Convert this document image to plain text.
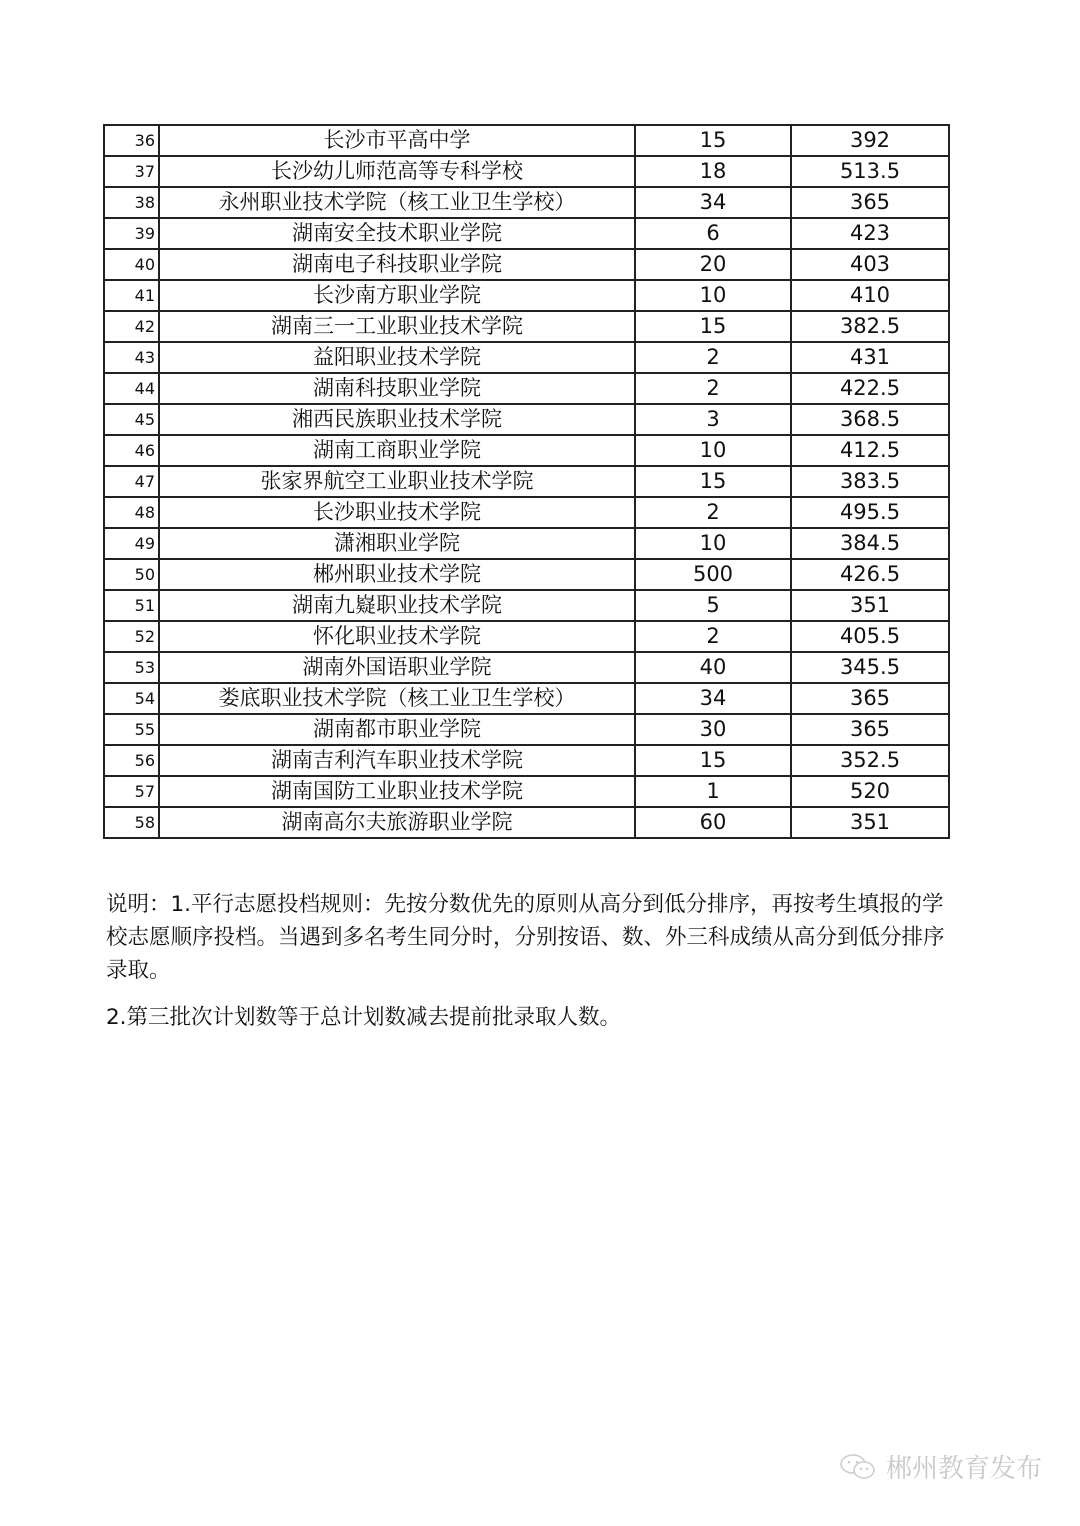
36	长沙市平高中学	15	392
37	长沙幼儿师范高等专科学校	18	513.5
38	永州职业技术学院（核工业卫生学校）	34	365
39	湖南安全技术职业学院	6	423
40	湖南电子科技职业学院	20	403
41	长沙南方职业学院	10	410
42	湖南三一工业职业技术学院	15	382.5
43	益阳职业技术学院	2	431
44	湖南科技职业学院	2	422.5
45	湘西民族职业技术学院	3	368.5
46	湖南工商职业学院	10	412.5
47	张家界航空工业职业技术学院	15	383.5
48	长沙职业技术学院	2	495.5
49	潇湘职业学院	10	384.5
50	郴州职业技术学院	500	426.5
51	湖南九嶷职业技术学院	5	351
52	怀化职业技术学院	2	405.5
53	湖南外国语职业学院	40	345.5
54	娄底职业技术学院（核工业卫生学校）	34	365
55	湖南都市职业学院	30	365
56	湖南吉利汽车职业技术学院	15	352.5
57	湖南国防工业职业技术学院	1	520
58	湖南高尔夫旅游职业学院	60	351

说明：1.平行志愿投档规则：先按分数优先的原则从高分到低分排序，再按考生填报的学校志愿顺序投档。当遇到多名考生同分时，分别按语、数、外三科成绩从高分到低分排序录取。

2.第三批次计划数等于总计划数减去提前批录取人数。

郴州教育发布
